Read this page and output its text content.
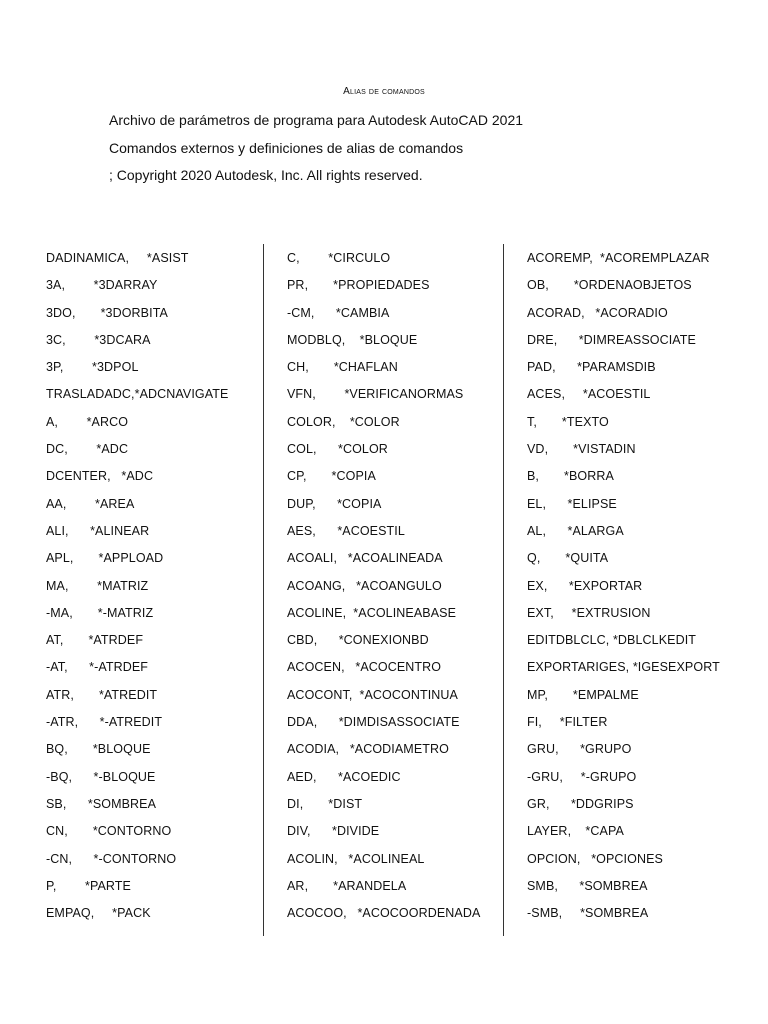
Alias de comandos
Archivo de parámetros de programa para Autodesk AutoCAD 2021
Comandos externos y definiciones de alias de comandos
; Copyright 2020 Autodesk, Inc. All rights reserved.
DADINAMICA,     *ASIST
3A,        *3DARRAY
3DO,       *3DORBITA
3C,        *3DCARA
3P,        *3DPOL
TRASLADADC,*ADCNAVIGATE
A,        *ARCO
DC,        *ADC
DCENTER,   *ADC
AA,        *AREA
ALI,      *ALINEAR
APL,       *APPLOAD
MA,        *MATRIZ
-MA,       *-MATRIZ
AT,       *ATRDEF
-AT,      *-ATRDEF
ATR,       *ATREDIT
-ATR,      *-ATREDIT
BQ,       *BLOQUE
-BQ,      *-BLOQUE
SB,      *SOMBREA
CN,       *CONTORNO
-CN,      *-CONTORNO
P,        *PARTE
EMPAQ,     *PACK
C,        *CIRCULO
PR,       *PROPIEDADES
-CM,      *CAMBIA
MODBLQ,    *BLOQUE
CH,       *CHAFLAN
VFN,        *VERIFICANORMAS
COLOR,    *COLOR
COL,      *COLOR
CP,       *COPIA
DUP,      *COPIA
AES,      *ACOESTIL
ACOALI,   *ACOALINEADA
ACOANG,   *ACOANGULO
ACOLINE,  *ACOLINEABASE
CBD,      *CONEXIONBD
ACOCEN,   *ACOCENTRO
ACOCONT,  *ACOCONTINUA
DDA,      *DIMDISASSOCIATE
ACODIA,   *ACODIAMETRO
AED,      *ACOEDIC
DI,       *DIST
DIV,      *DIVIDE
ACOLIN,   *ACOLINEAL
AR,       *ARANDELA
ACOCOO,   *ACOCOORDENADA
ACOREMP,  *ACOREMPLAZAR
OB,       *ORDENAOBJETOS
ACORAD,   *ACORADIO
DRE,      *DIMREASSOCIATE
PAD,      *PARAMSDIB
ACES,     *ACOESTIL
T,       *TEXTO
VD,       *VISTADIN
B,       *BORRA
EL,      *ELIPSE
AL,      *ALARGA
Q,       *QUITA
EX,      *EXPORTAR
EXT,     *EXTRUSION
EDITDBLCLC, *DBLCLKEDIT
EXPORTARIGES, *IGESEXPORT
MP,       *EMPALME
FI,     *FILTER
GRU,      *GRUPO
-GRU,     *-GRUPO
GR,      *DDGRIPS
LAYER,    *CAPA
OPCION,   *OPCIONES
SMB,      *SOMBREA
-SMB,     *SOMBREA
